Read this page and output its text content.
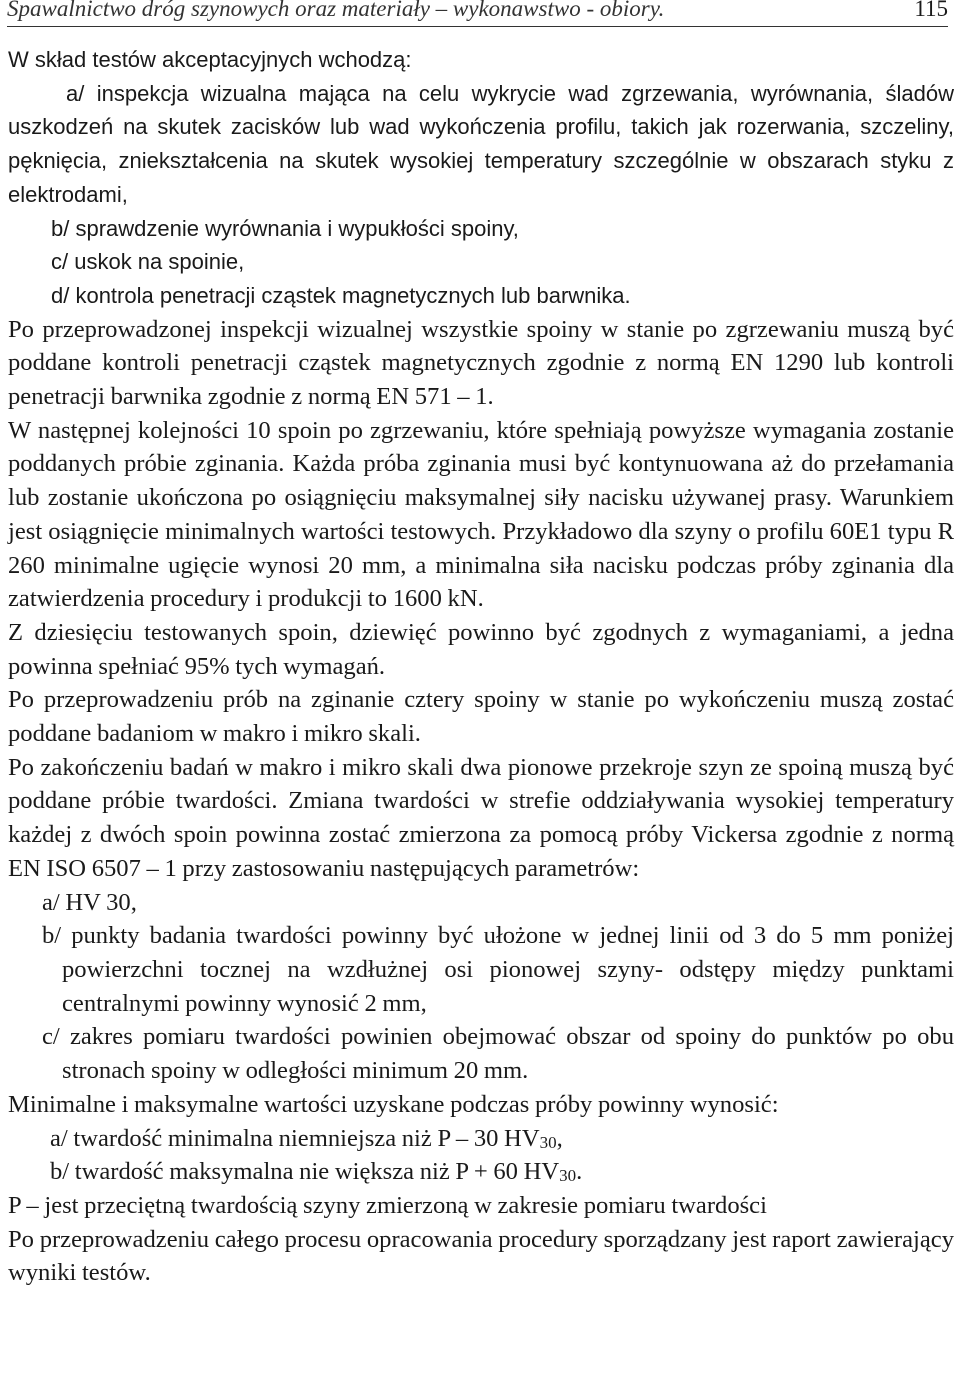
Spawalnictwo dróg szynowych oraz materiały – wykonawstwo - obiory.	115

W skład testów akceptacyjnych wchodzą:

a/ inspekcja wizualna mająca na celu wykrycie wad zgrzewania, wyrównania, śladów uszkodzeń na skutek zacisków lub wad wykończenia profilu, takich jak rozerwania, szczeliny, pęknięcia, zniekształcenia na skutek wysokiej temperatury szczególnie w obszarach styku z elektrodami,

b/ sprawdzenie wyrównania i wypukłości spoiny,
c/ uskok na spoinie,
d/ kontrola penetracji cząstek magnetycznych lub barwnika.

Po przeprowadzonej inspekcji wizualnej wszystkie spoiny w stanie po zgrzewaniu muszą być poddane kontroli penetracji cząstek magnetycznych zgodnie z normą EN 1290 lub kontroli penetracji barwnika zgodnie z normą EN 571 – 1.

W następnej kolejności 10 spoin po zgrzewaniu, które spełniają powyższe wymagania zostanie poddanych próbie zginania. Każda próba zginania musi być kontynuowana aż do przełamania lub zostanie ukończona po osiągnięciu maksymalnej siły nacisku używanej prasy. Warunkiem jest osiągnięcie minimalnych wartości testowych. Przykładowo dla szyny o profilu 60E1 typu R 260 minimalne ugięcie wynosi 20 mm, a minimalna siła nacisku podczas próby zginania dla zatwierdzenia procedury i produkcji to 1600 kN.

Z dziesięciu testowanych spoin, dziewięć powinno być zgodnych z wymaganiami, a jedna powinna spełniać 95% tych wymagań.

Po przeprowadzeniu prób na zginanie cztery spoiny w stanie po wykończeniu muszą zostać poddane badaniom w makro i mikro skali.

Po zakończeniu badań w makro i mikro skali dwa pionowe przekroje szyn ze spoiną muszą być poddane próbie twardości. Zmiana twardości w strefie oddziaływania wysokiej temperatury każdej z dwóch spoin powinna zostać zmierzona za pomocą próby Vickersa zgodnie z normą EN ISO 6507 – 1 przy zastosowaniu następujących parametrów:

a/ HV 30,

b/ punkty badania twardości powinny być ułożone w jednej linii od 3 do 5 mm poniżej powierzchni tocznej na wzdłużnej osi pionowej szyny- odstępy między punktami centralnymi powinny wynosić 2 mm,

c/ zakres pomiaru twardości powinien obejmować obszar od spoiny do punktów po obu stronach spoiny w odległości minimum 20 mm.

Minimalne i maksymalne wartości uzyskane podczas próby powinny wynosić:

a/ twardość minimalna niemniejsza niż P – 30 $HV_{30}$,

b/ twardość maksymalna nie większa niż P + 60 $HV_{30}$.

P – jest przeciętną twardością szyny zmierzoną w zakresie pomiaru twardości

Po przeprowadzeniu całego procesu opracowania procedury sporządzany jest raport zawierający wyniki testów.
